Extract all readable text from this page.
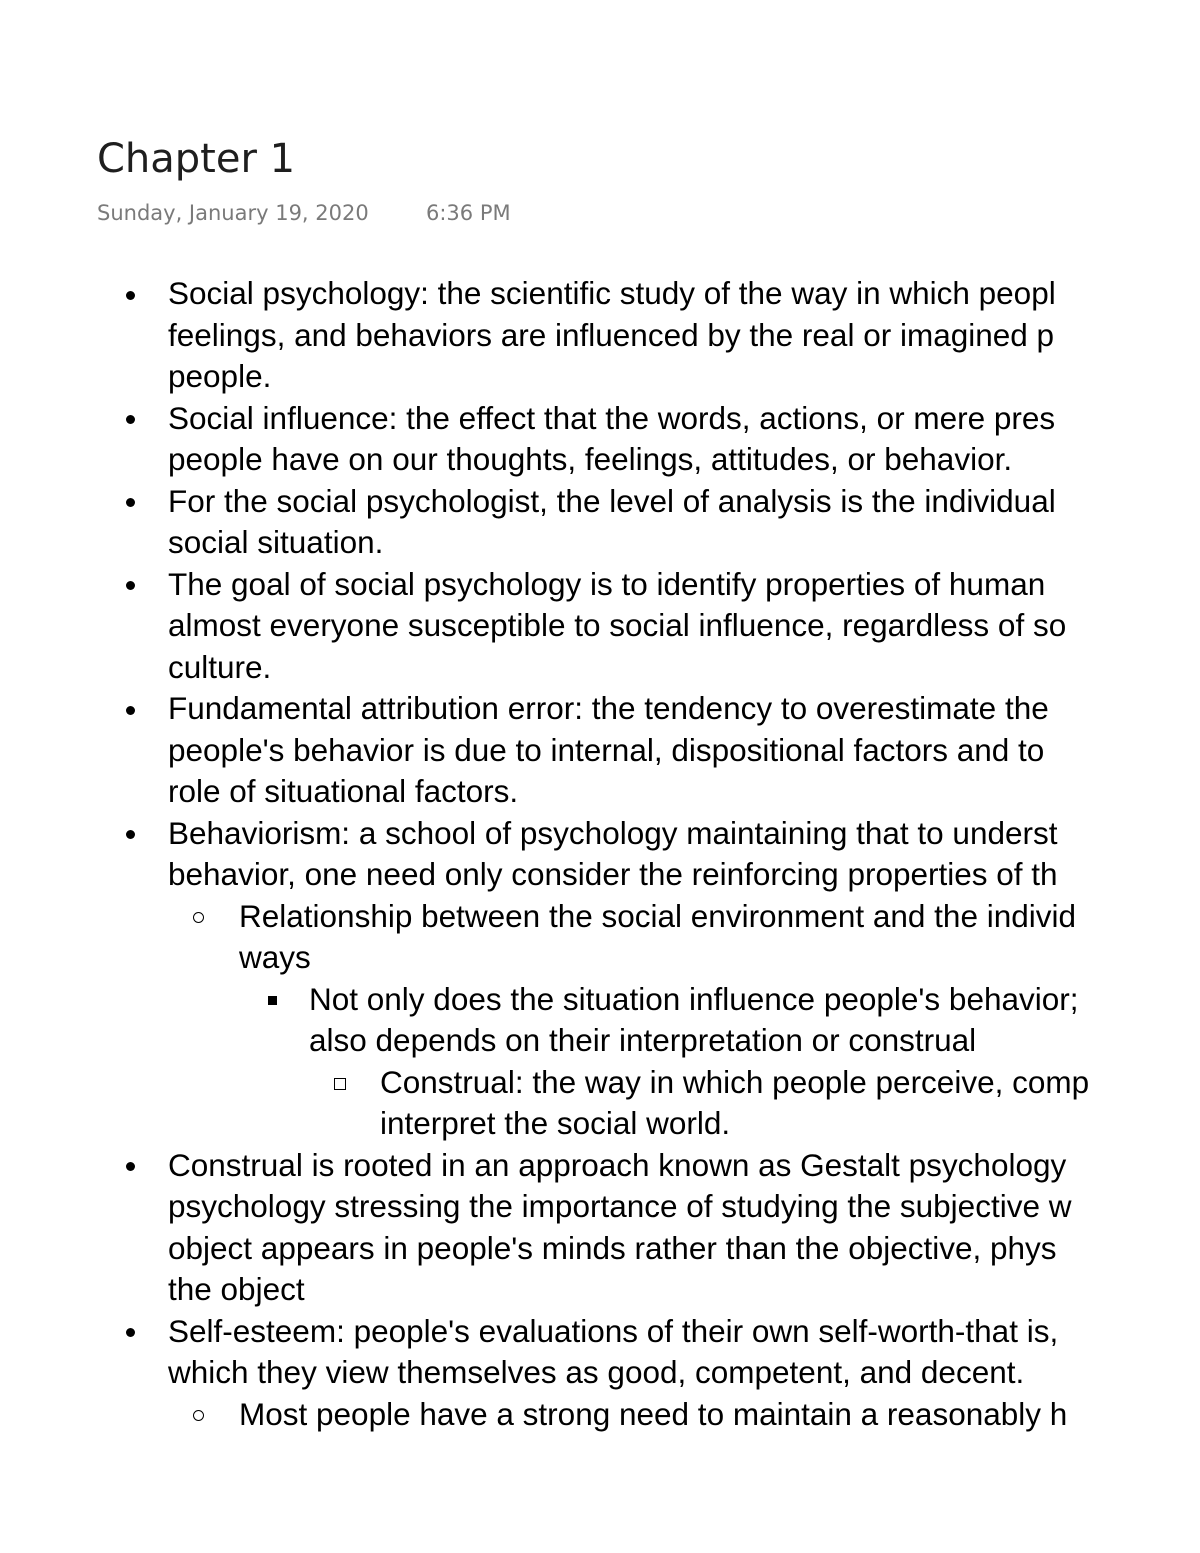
Chapter 1
Sunday, January 19, 2020	6:36 PM
Social psychology: the scientific study of the way in which peopl
feelings, and behaviors are influenced by the real or imagined p
people.
Social influence: the effect that the words, actions, or mere pres
people have on our thoughts, feelings, attitudes, or behavior.
For the social psychologist, the level of analysis is the individual
social situation.
The goal of social psychology is to identify properties of human
almost everyone susceptible to social influence, regardless of so
culture.
Fundamental attribution error: the tendency to overestimate the
people's behavior is due to internal, dispositional factors and to
role of situational factors.
Behaviorism: a school of psychology maintaining that to underst
behavior, one need only consider the reinforcing properties of th
Relationship between the social environment and the individ
ways
Not only does the situation influence people's behavior;
also depends on their interpretation or construal
Construal: the way in which people perceive, comp
interpret the social world.
Construal is rooted in an approach known as Gestalt psychology
psychology stressing the importance of studying the subjective w
object appears in people's minds rather than the objective, phys
the object
Self-esteem: people's evaluations of their own self-worth-that is,
which they view themselves as good, competent, and decent.
Most people have a strong need to maintain a reasonably h
